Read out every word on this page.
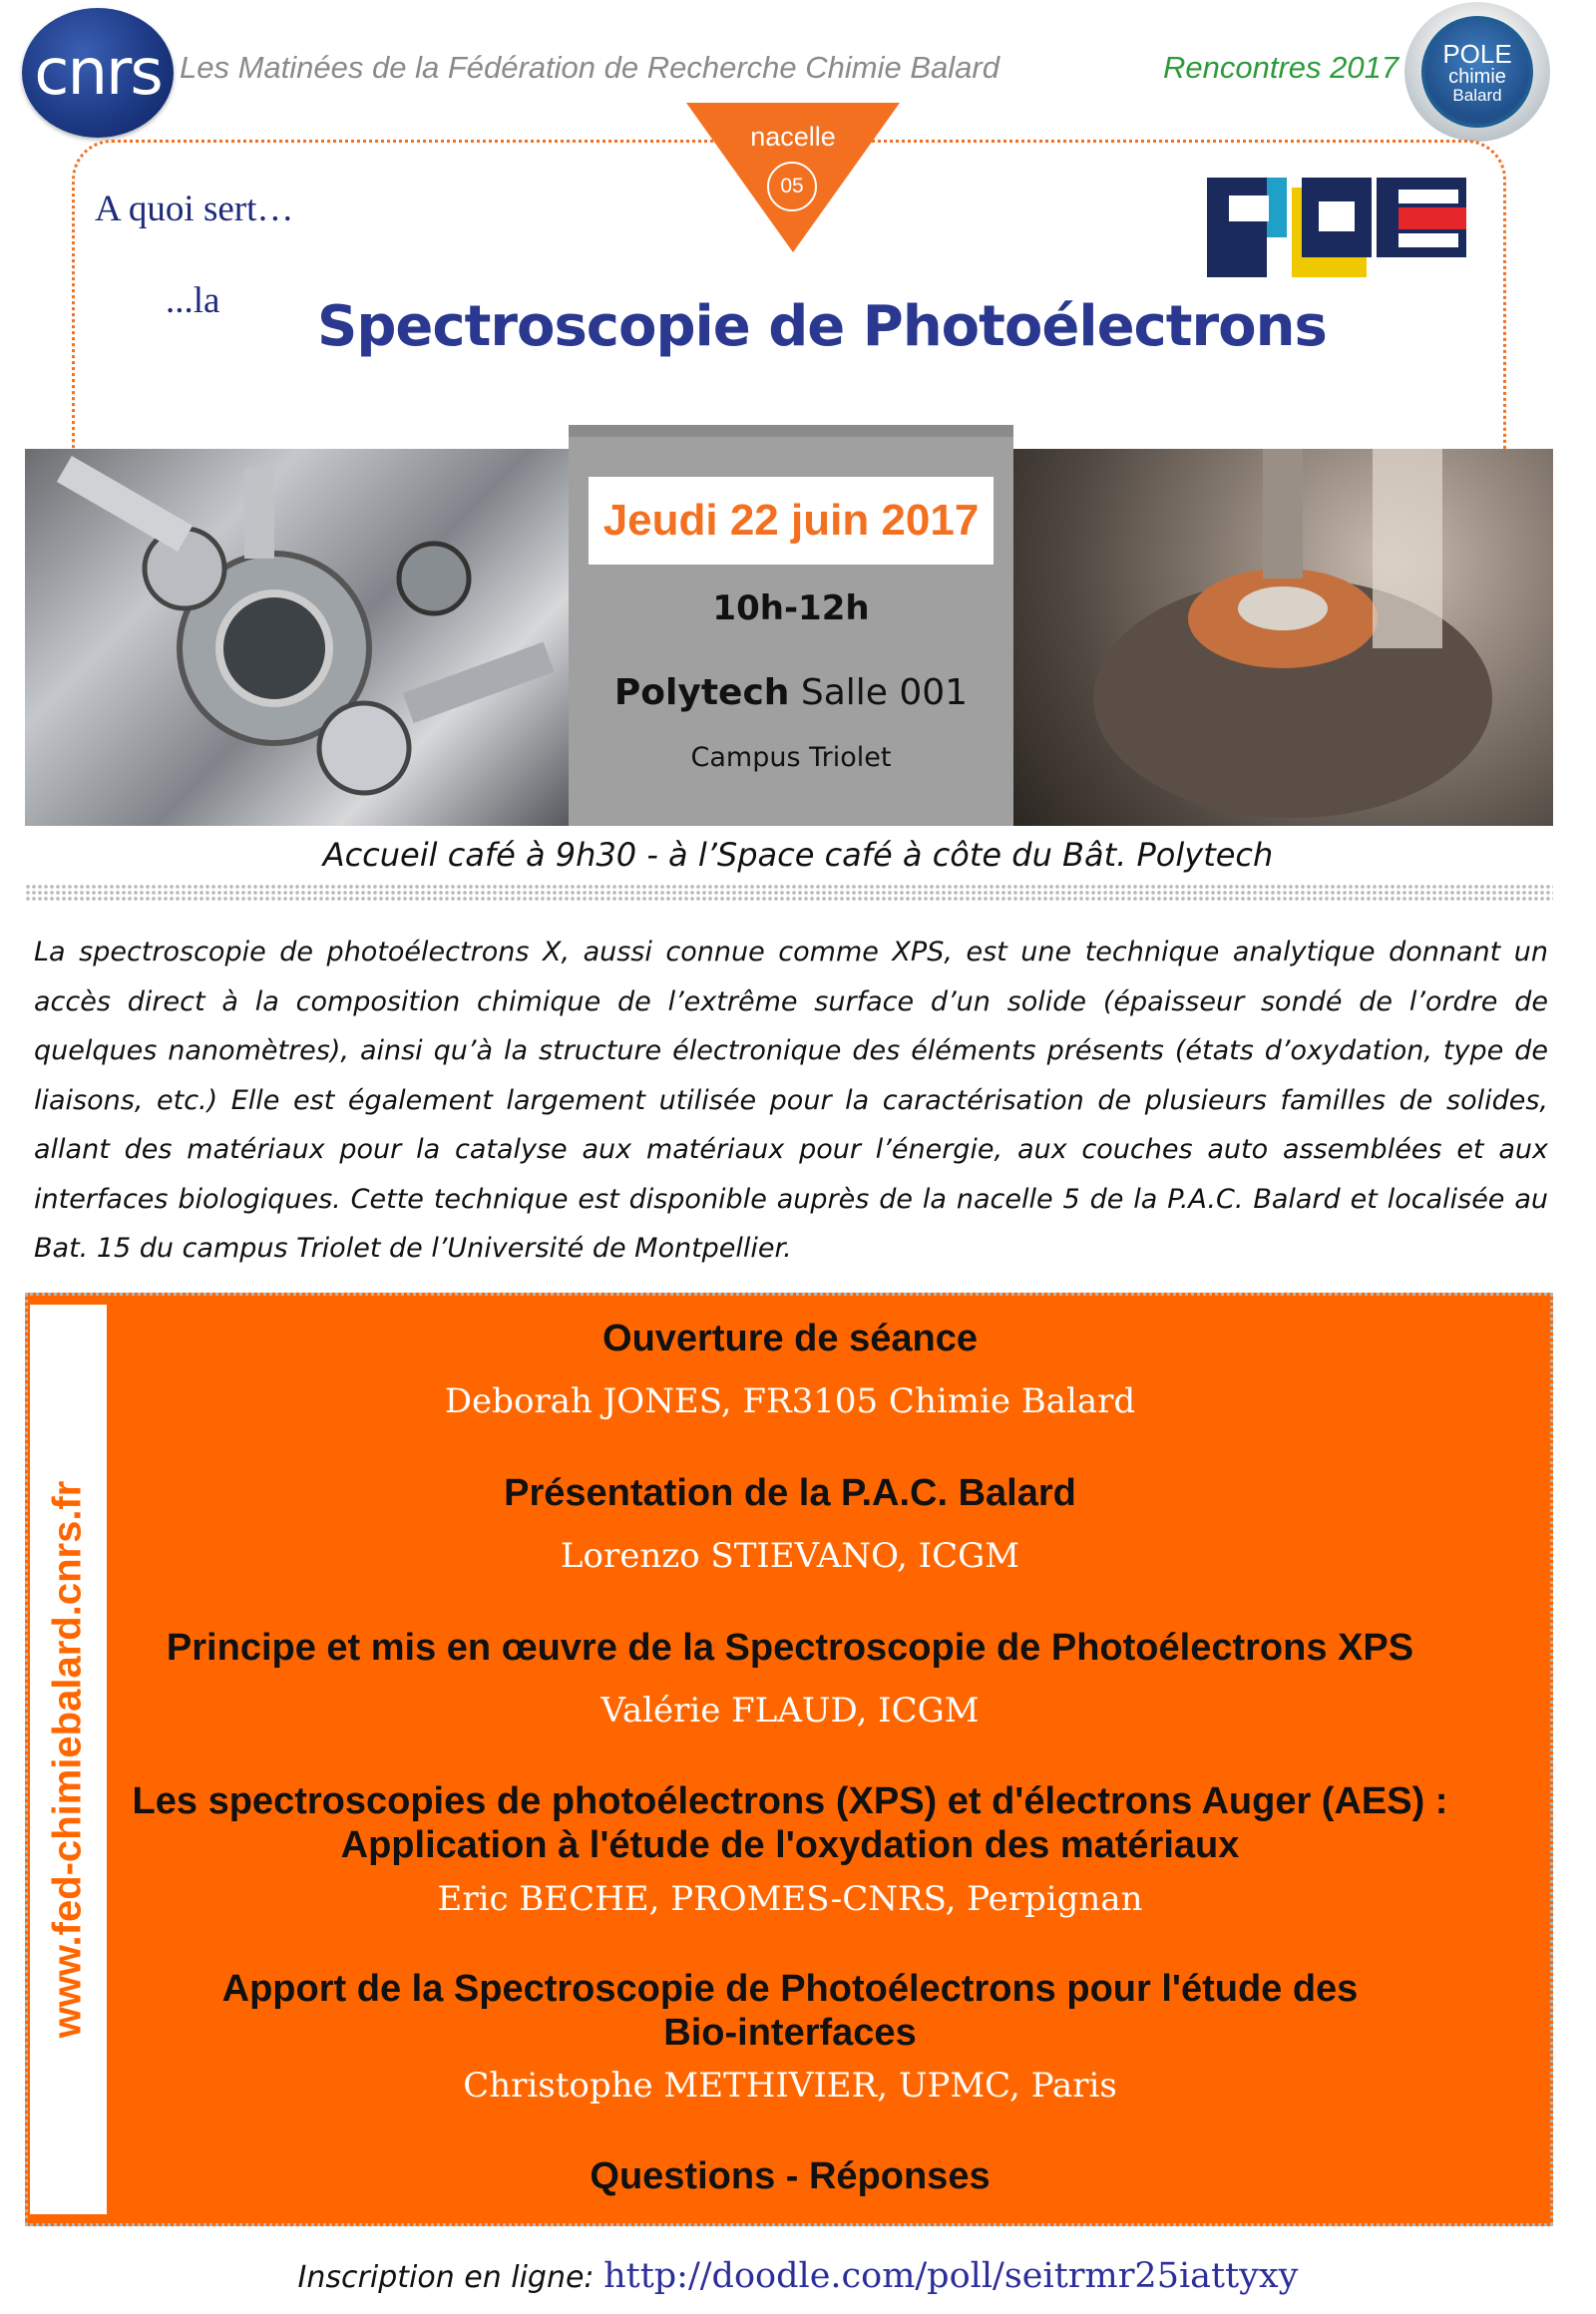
cnrs Les Matinées de la Fédération de Recherche Chimie Balard	Rencontres 2017 POLE
chimie
Balard
nacelle
05
A quoi sert…
...la Spectroscopie de Photoélectrons
Jeudi 22 juin 2017
10h-12h
Polytech Salle 001
Campus Triolet
Accueil café à 9h30 - à l’Space café à côte du Bât. Polytech
La spectroscopie de photoélectrons X, aussi connue comme XPS, est une technique analytique donnant un accès direct à la composition chimique de l’extrême surface d’un solide (épaisseur sondé de l’ordre de quelques nanomètres), ainsi qu’à la structure électronique des éléments présents (états d’oxydation, type de liaisons, etc.) Elle est également largement utilisée pour la caractérisation de plusieurs familles de solides, allant des matériaux pour la catalyse aux matériaux pour l’énergie, aux couches auto assemblées et aux interfaces biologiques. Cette technique est disponible auprès de la nacelle 5 de la P.A.C. Balard et localisée au Bat. 15 du campus Triolet de l’Université de Montpellier.
www.fed-chimiebalard.cnrs.fr
Ouverture de séance
Deborah JONES, FR3105 Chimie Balard
Présentation de la P.A.C. Balard
Lorenzo STIEVANO, ICGM
Principe et mis en œuvre de la Spectroscopie de Photoélectrons XPS
Valérie FLAUD, ICGM
Les spectroscopies de photoélectrons (XPS) et d'électrons Auger (AES) :
Application à l'étude de l'oxydation des matériaux
Eric BECHE, PROMES-CNRS, Perpignan
Apport de la Spectroscopie de Photoélectrons pour l'étude des
Bio-interfaces
Christophe METHIVIER, UPMC, Paris
Questions - Réponses
Inscription en ligne: http://doodle.com/poll/seitrmr25iattyxy
